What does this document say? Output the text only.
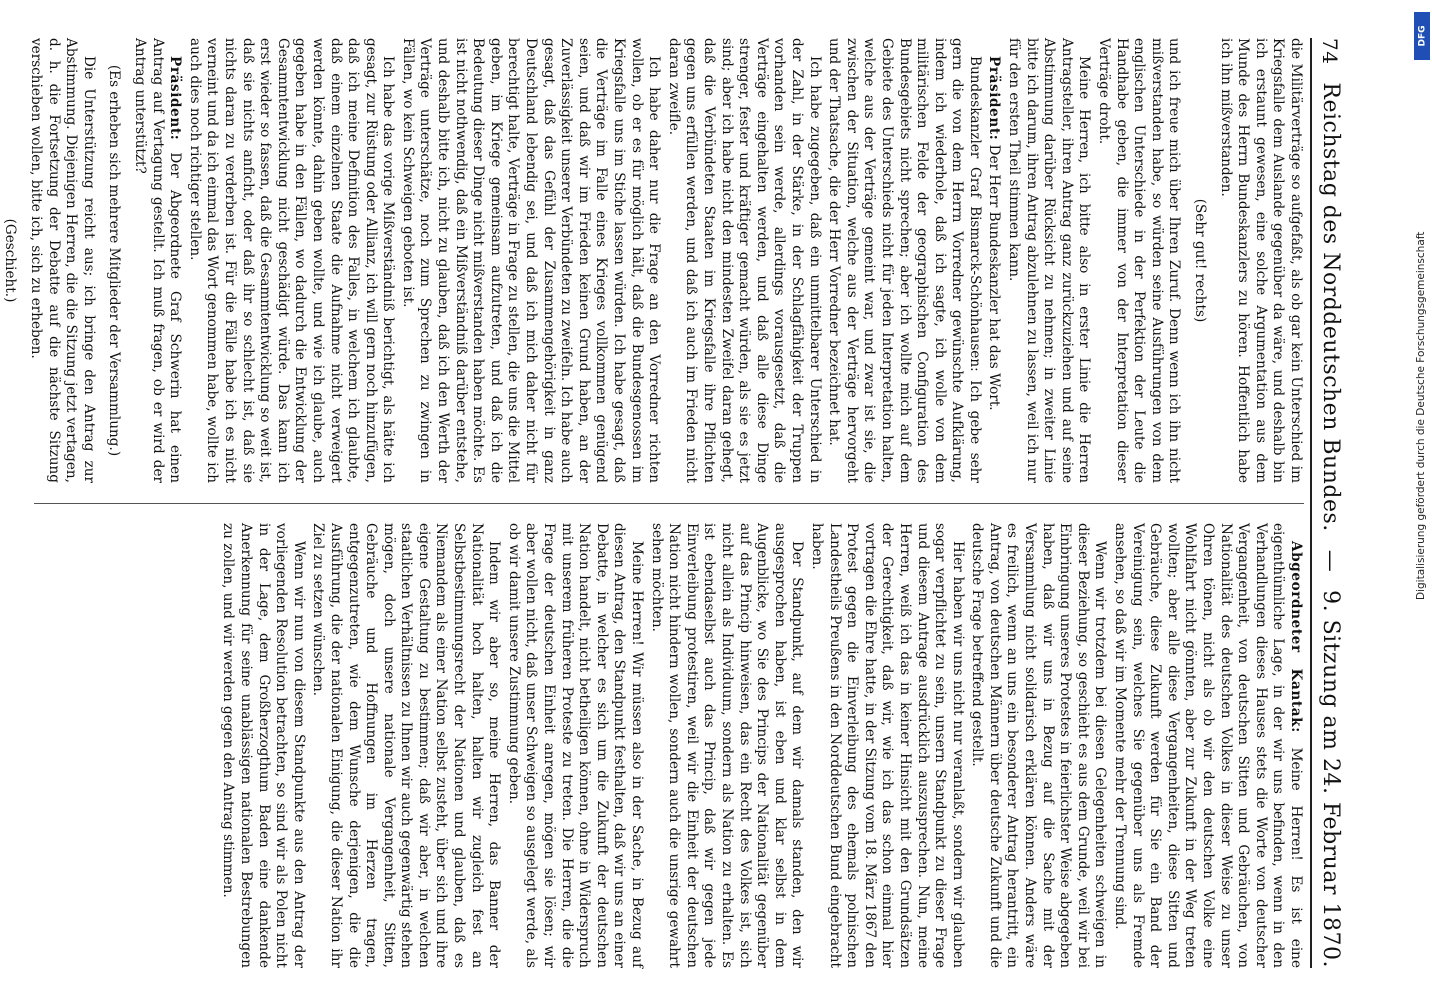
74
Reichstag des Norddeutschen Bundes.
—
9. Sitzung am 24. Februar 1870.

die Militärverträge so aufgefaßt, als ob gar kein Unterschied im Kriegsfalle dem Auslande gegenüber da wäre, und deshalb bin ich erstaunt gewesen, eine solche Argumentation aus dem Munde des Herrn Bundeskanzlers zu hören. Hoffentlich habe ich ihn mißverstanden.

(Sehr gut! rechts)

und ich freue mich über Ihren Zuruf. Denn wenn ich ihn nicht mißverstanden habe, so würden seine Ausführungen von dem englischen Unterschiede in der Perfektion der Leute die Handhabe geben, die immer von der Interpretation dieser Verträge droht.

Meine Herren, ich bitte also in erster Linie die Herren Antragsteller, ihren Antrag ganz zurückzuziehen und auf seine Abstimmung darüber Rücksicht zu nehmen; in zweiter Linie bitte ich darum, ihren Antrag abzulehnen zu lassen, weil ich nur für den ersten Theil stimmen kann.

Präsident: Der Herr Bundeskanzler hat das Wort.

Bundeskanzler Graf Bismarck-Schönhausen: Ich gebe sehr gern die von dem Herrn Vorredner gewünschte Aufklärung, indem ich wiederhole, daß ich sagte, ich wolle von dem militärischen Felde der geographischen Configuration des Bundesgebiets nicht sprechen; aber ich wollte mich auf dem Gebiete des Unterschieds nicht für jeden Interpretation halten, welche aus der Verträge gemeint war, und zwar ist sie, die zwischen der Situation, welche aus der Verträge hervorgeht und der Thatsache, die der Herr Vorredner bezeichnet hat.

Ich habe zugegeben, daß ein unmittelbarer Unterschied in der Zahl, in der Stärke, in der Schlagfähigkeit der Truppen vorhanden sein werde, allerdings vorausgesetzt, daß die Verträge eingehalten werden, und daß alle diese Dinge strenger, fester und kräftiger gemacht würden, als sie es jetzt sind; aber ich habe nicht den mindesten Zweifel daran gehegt, daß die Verbündeten Staaten im Kriegsfalle ihre Pflichten gegen uns erfüllen werden, und daß ich auch im Frieden nicht daran zweifle.

Ich habe daher nur die Frage an den Vorredner richten wollen, ob er es für möglich hält, daß die Bundesgenossen im Kriegsfalle uns im Stiche lassen würden. Ich habe gesagt, daß die Verträge im Falle eines Krieges vollkommen genügend seien, und daß wir im Frieden keinen Grund haben, an der Zuverlässigkeit unserer Verbündeten zu zweifeln. Ich habe auch gesagt, daß das Gefühl der Zusammengehörigkeit in ganz Deutschland lebendig sei, und daß ich mich daher nicht für berechtigt halte, Verträge in Frage zu stellen, die uns die Mittel geben, im Kriege gemeinsam aufzutreten, und daß ich die Bedeutung dieser Dinge nicht mißverstanden haben möchte. Es ist nicht nothwendig, daß ein Mißverständniß darüber entstehe, und deshalb bitte ich, nicht zu glauben, daß ich den Werth der Verträge unterschätze, noch zum Sprechen zu zwingen in Fällen, wo kein Schweigen geboten ist.

Ich habe das vorige Mißverständniß berichtigt, als hätte ich gesagt, zur Rüstung oder Allianz, ich will gern noch hinzufügen, daß ich meine Definition des Falles, in welchem ich glaubte, daß einem einzelnen Staate die Aufnahme nicht verweigert werden könnte, dahin geben wollte, und wie ich glaube, auch gegeben habe in den Fällen, wo dadurch die Entwicklung der Gesammtentwicklung nicht geschädigt würde. Das kann ich erst wieder so fassen, daß die Gesammtentwicklung so weit ist, daß sie nichts anficht, oder daß ihr so schlecht ist, daß sie nichts daran zu verderben ist. Für die Fälle habe ich es nicht verneint und da ich einmal das Wort genommen habe, wollte ich auch dies noch richtiger stellen.

Präsident: Der Abgeordnete Graf Schwerin hat einen Antrag auf Vertagung gestellt. Ich muß fragen, ob er wird der Antrag unterstützt?

(Es erheben sich mehrere Mitglieder der Versammlung.)

Die Unterstützung reicht aus; ich bringe den Antrag zur Abstimmung. Diejenigen Herren, die die Sitzung jetzt vertagen, d. h. die Fortsetzung der Debatte auf die nächste Sitzung verschieben wollen, bitte ich, sich zu erheben.

(Geschieht.)

Abgeordneter Kantak: Meine Herren! Es ist eine eigenthümliche Lage, in der wir uns befinden, wenn in den Verhandlungen dieses Hauses stets die Worte von deutscher Vergangenheit, von deutschen Sitten und Gebräuchen, von Nationalität des deutschen Volkes in dieser Weise zu unser Ohren tönen, nicht als ob wir den deutschen Volke eine Wohlfahrt nicht gönnten, aber zur Zukunft in der Weg treten wollten; aber alle diese Vergangenheiten, diese Sitten und Gebräuche, diese Zukunft werden für Sie ein Band der Vereinigung sein, welches Sie gegenüber uns als Fremde ansehen, so daß wir im Momente mehr der Trennung sind.

Wenn wir trotzdem bei diesen Gelegenheiten schweigen in dieser Beziehung, so geschieht es aus dem Grunde, weil wir bei Einbringung unseres Protestes in feierlichster Weise abgegeben haben, daß wir uns in Bezug auf die Sache mit der Versammlung nicht solidarisch erklären können. Anders wäre es freilich, wenn an uns ein besonderer Antrag herantritt, ein Antrag, von deutschen Männern über deutsche Zukunft und die deutsche Frage betreffend gestellt.

Hier haben wir uns nicht nur veranlaßt, sondern wir glauben sogar verpflichtet zu sein, unsern Standpunkt zu dieser Frage und diesem Antrage ausdrücklich auszusprechen. Nun, meine Herren, weiß ich das in keiner Hinsicht mit den Grundsätzen der Gerechtigkeit, daß wir, wie ich das schon einmal hier vortragen die Ehre hatte, in der Sitzung vom 18. März 1867 den Protest gegen die Einverleibung des ehemals polnischen Landestheils Preußens in den Norddeutschen Bund eingebracht haben.

Der Standpunkt, auf dem wir damals standen, den wir ausgesprochen haben, ist eben und klar selbst in dem Augenblicke, wo Sie des Princips der Nationalität gegenüber auf das Princip hinweisen, das ein Recht des Volkes ist, sich nicht allein als Individuum, sondern als Nation zu erhalten. Es ist ebendaselbst auch das Princip, daß wir gegen jede Einverleibung protestiren, weil wir die Einheit der deutschen Nation nicht hindern wollen, sondern auch die unsrige gewahrt sehen möchten.

Meine Herren! Wir müssen also in der Sache, in Bezug auf diesen Antrag, den Standpunkt festhalten, daß wir uns an einer Debatte, in welcher es sich um die Zukunft der deutschen Nation handelt, nicht betheiligen können, ohne in Widerspruch mit unserem früheren Proteste zu treten. Die Herren, die die Frage der deutschen Einheit anregen, mögen sie lösen; wir aber wollen nicht, daß unser Schweigen so ausgelegt werde, als ob wir damit unsere Zustimmung geben.

Indem wir aber so, meine Herren, das Banner der Nationalität hoch halten, halten wir zugleich fest an Selbstbestimmungsrecht der Nationen und glauben, daß es Niemandem als einer Nation selbst zusteht, über sich und ihre eigene Gestaltung zu bestimmen; daß wir aber, in welchen staatlichen Verhältnissen zu Ihnen wir auch gegenwärtig stehen mögen, doch unsere nationale Vergangenheit, Sitten, Gebräuche und Hoffnungen im Herzen tragen, entgegenzutreten, wie dem Wunsche derjenigen, die die Ausführung, die der nationalen Einigung, die dieser Nation ihr Ziel zu setzen wünschen.

Wenn wir nun von diesem Standpunkte aus den Antrag der vorliegenden Resolution betrachten, so sind wir als Polen nicht in der Lage, dem Großherzogthum Baden eine dankende Anerkennung für seine unablässigen nationalen Bestrebungen zu zollen, und wir werden gegen den Antrag stimmen.

DFG
Digitalisierung gefördert durch die Deutsche Forschungsgemeinschaft
